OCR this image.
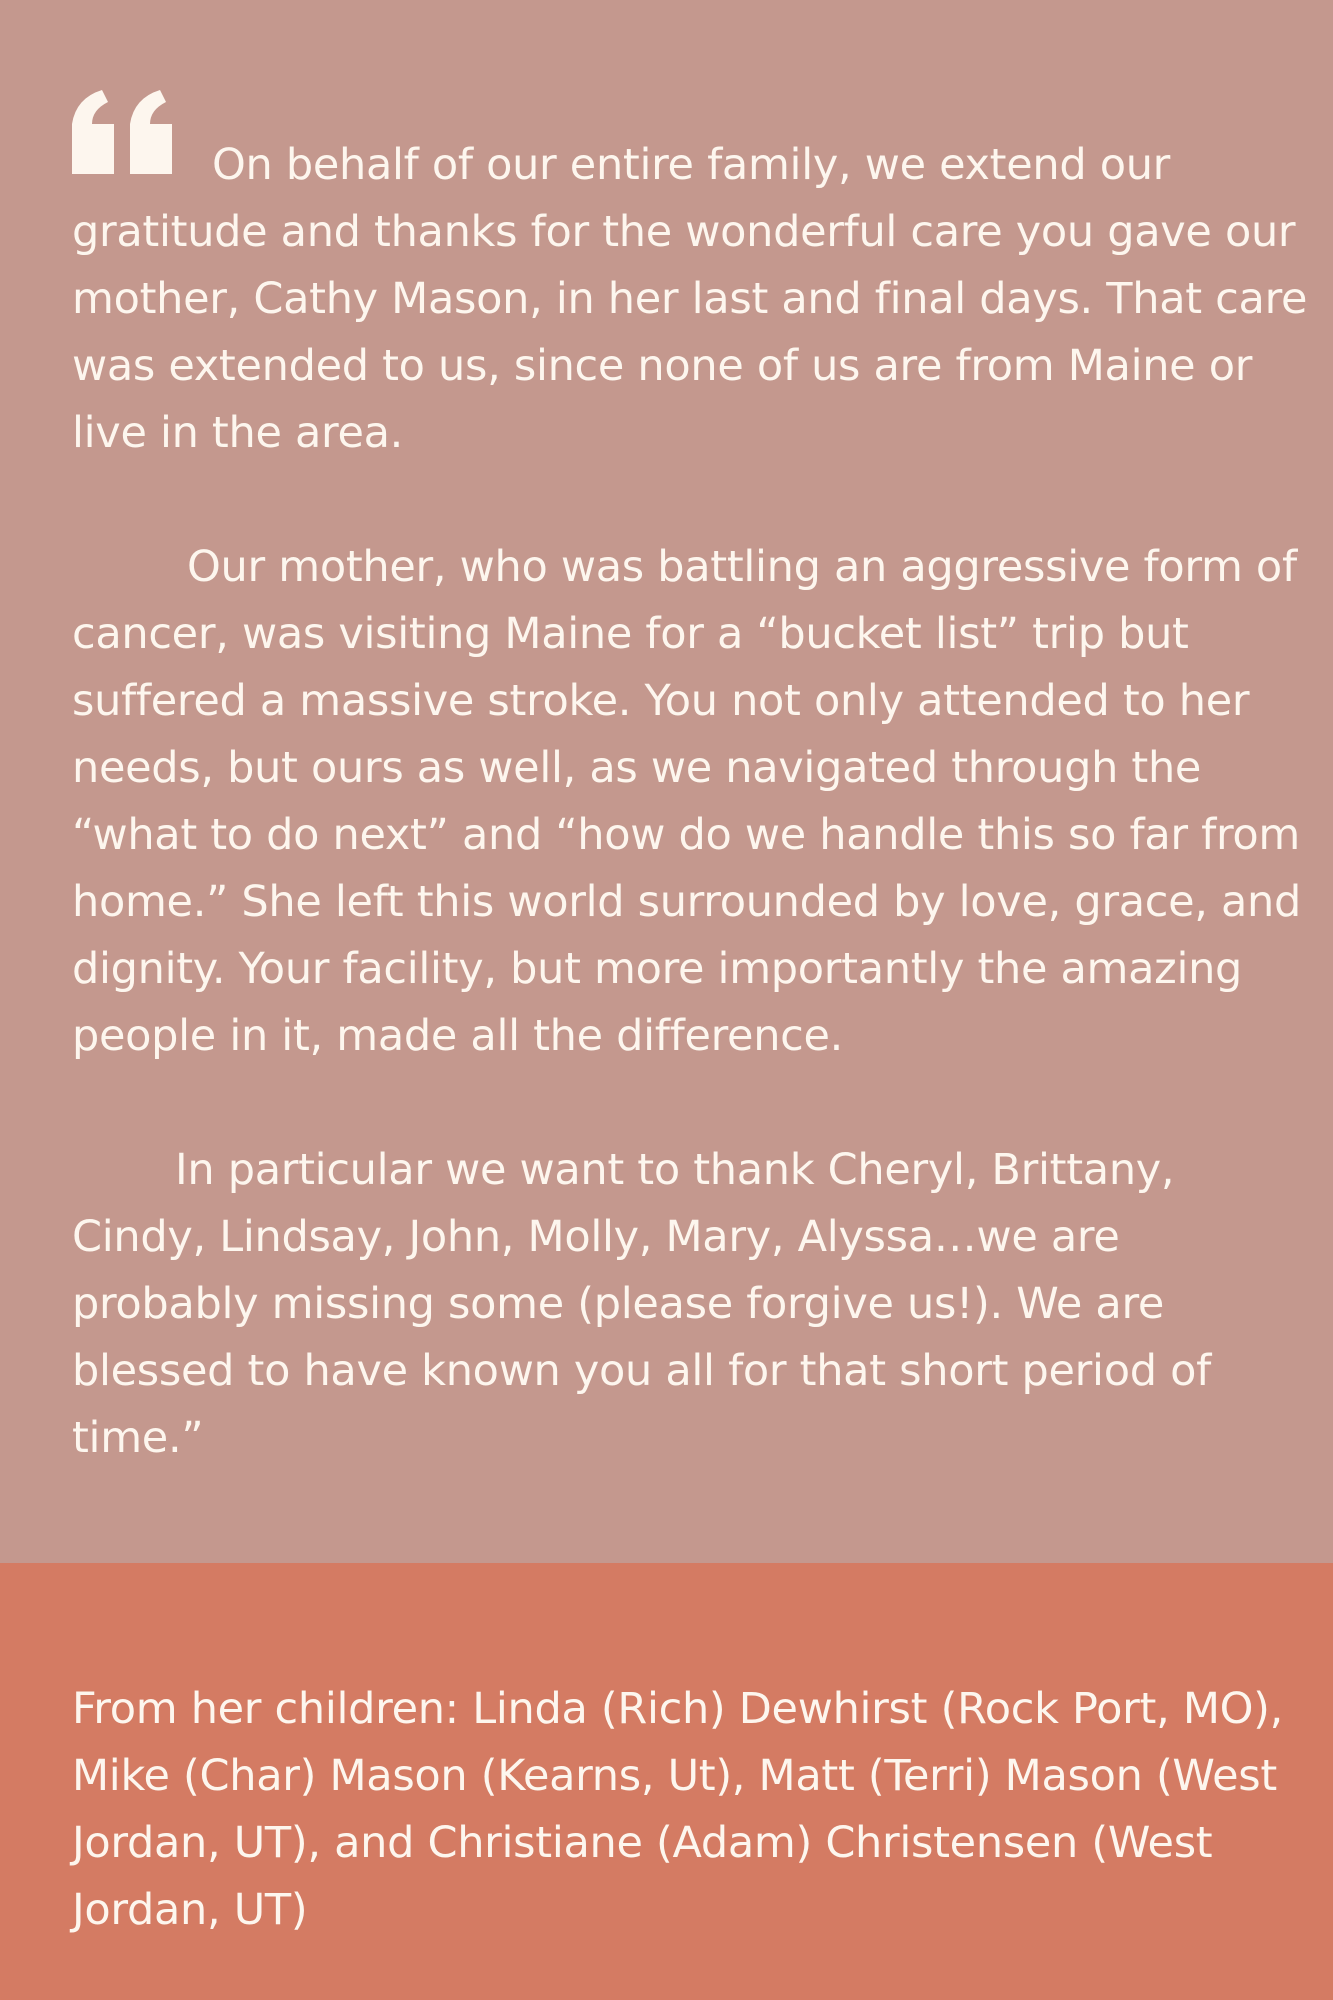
On behalf of our entire family, we extend our gratitude and thanks for the wonderful care you gave our mother, Cathy Mason, in her last and final days. That care was extended to us, since none of us are from Maine or live in the area.

Our mother, who was battling an aggressive form of cancer, was visiting Maine for a “bucket list” trip but suffered a massive stroke. You not only attended to her needs, but ours as well, as we navigated through the “what to do next” and “how do we handle this so far from home.” She left this world surrounded by love, grace, and dignity. Your facility, but more importantly the amazing people in it, made all the difference.

In particular we want to thank Cheryl, Brittany, Cindy, Lindsay, John, Molly, Mary, Alyssa…we are probably missing some (please forgive us!). We are blessed to have known you all for that short period of time.”

From her children: Linda (Rich) Dewhirst (Rock Port, MO), Mike (Char) Mason (Kearns, Ut), Matt (Terri) Mason (West Jordan, UT), and Christiane (Adam) Christensen (West Jordan, UT)
